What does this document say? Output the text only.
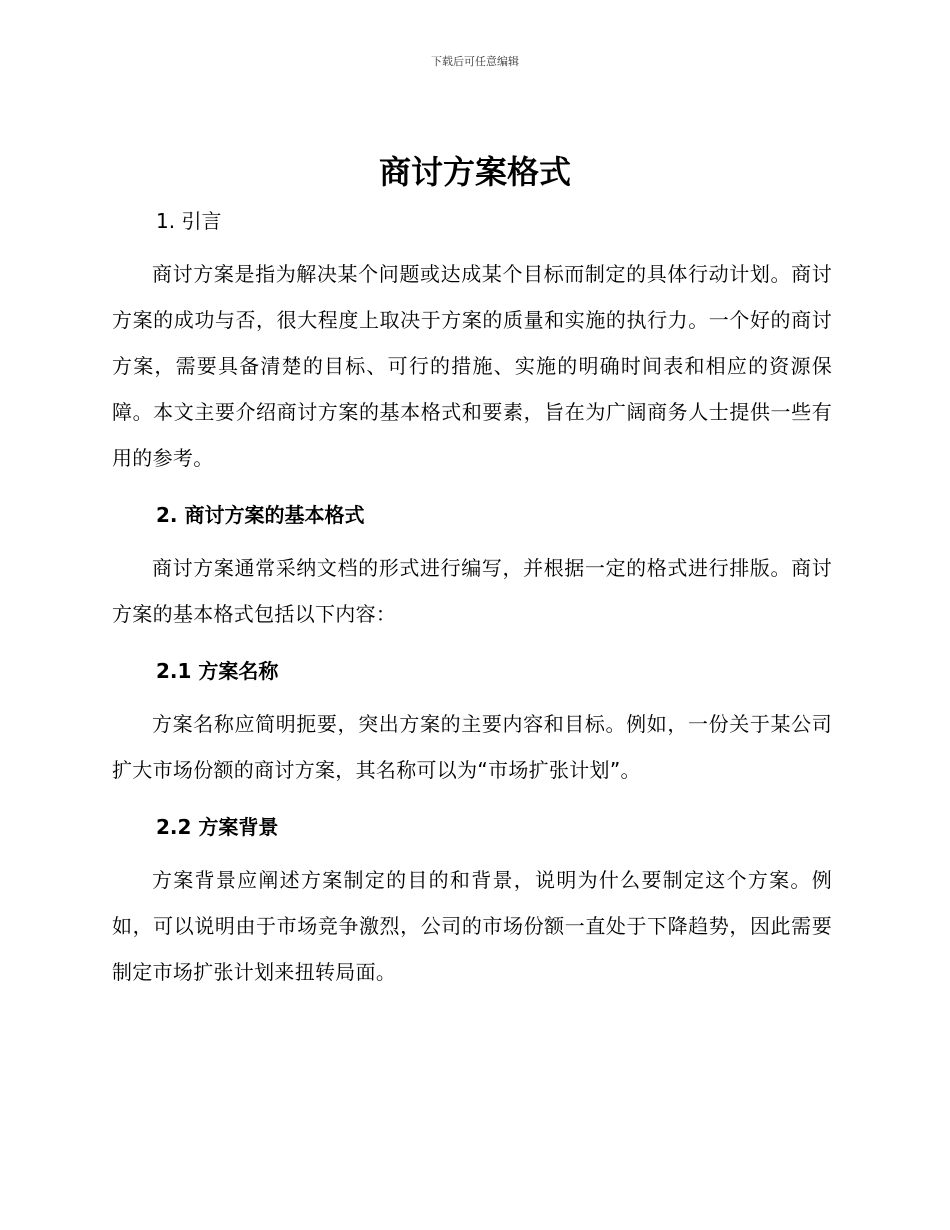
下载后可任意编辑
商讨方案格式
1. 引言

商讨方案是指为解决某个问题或达成某个目标而制定的具体行动计划。商讨方案的成功与否，很大程度上取决于方案的质量和实施的执行力。一个好的商讨方案，需要具备清楚的目标、可行的措施、实施的明确时间表和相应的资源保障。本文主要介绍商讨方案的基本格式和要素，旨在为广阔商务人士提供一些有用的参考。

2. 商讨方案的基本格式

商讨方案通常采纳文档的形式进行编写，并根据一定的格式进行排版。商讨方案的基本格式包括以下内容：

2.1 方案名称

方案名称应简明扼要，突出方案的主要内容和目标。例如，一份关于某公司扩大市场份额的商讨方案，其名称可以为“市场扩张计划”。

2.2 方案背景

方案背景应阐述方案制定的目的和背景，说明为什么要制定这个方案。例如，可以说明由于市场竞争激烈，公司的市场份额一直处于下降趋势，因此需要制定市场扩张计划来扭转局面。
